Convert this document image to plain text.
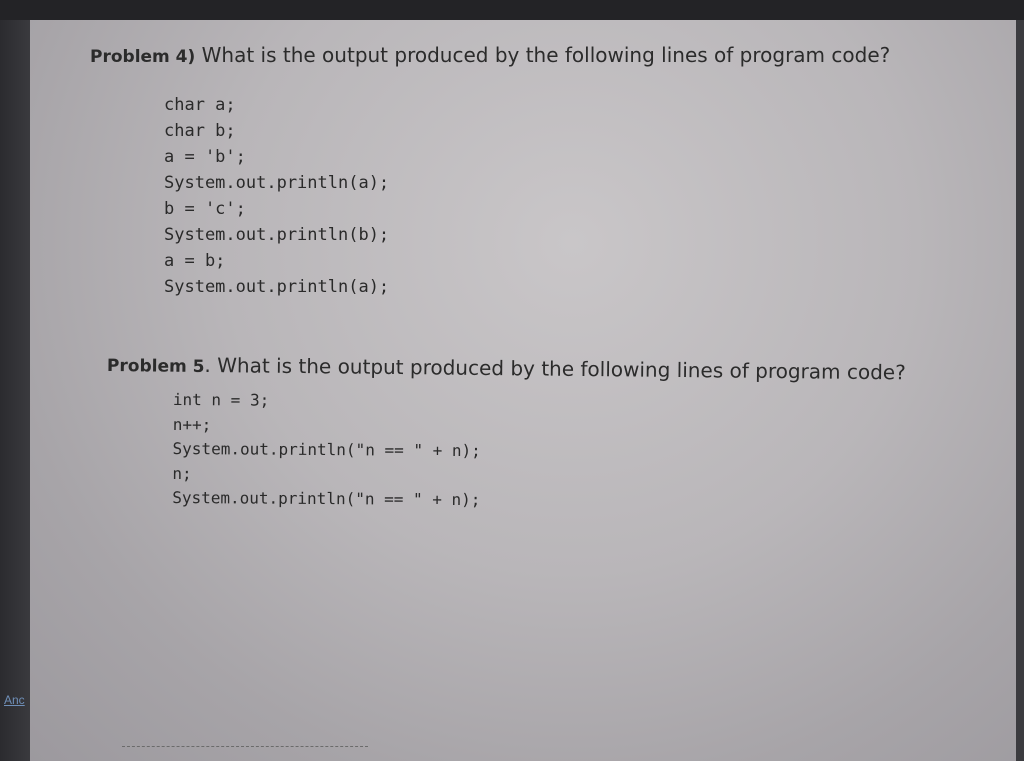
Anc

Problem 4) What is the output produced by the following lines of program code?

char a;
char b;
a = 'b';
System.out.println(a);
b = 'c';
System.out.println(b);
a = b;
System.out.println(a);

Problem 5. What is the output produced by the following lines of program code?

int n = 3;
n++;
System.out.println("n == " + n);
n;
System.out.println("n == " + n);
